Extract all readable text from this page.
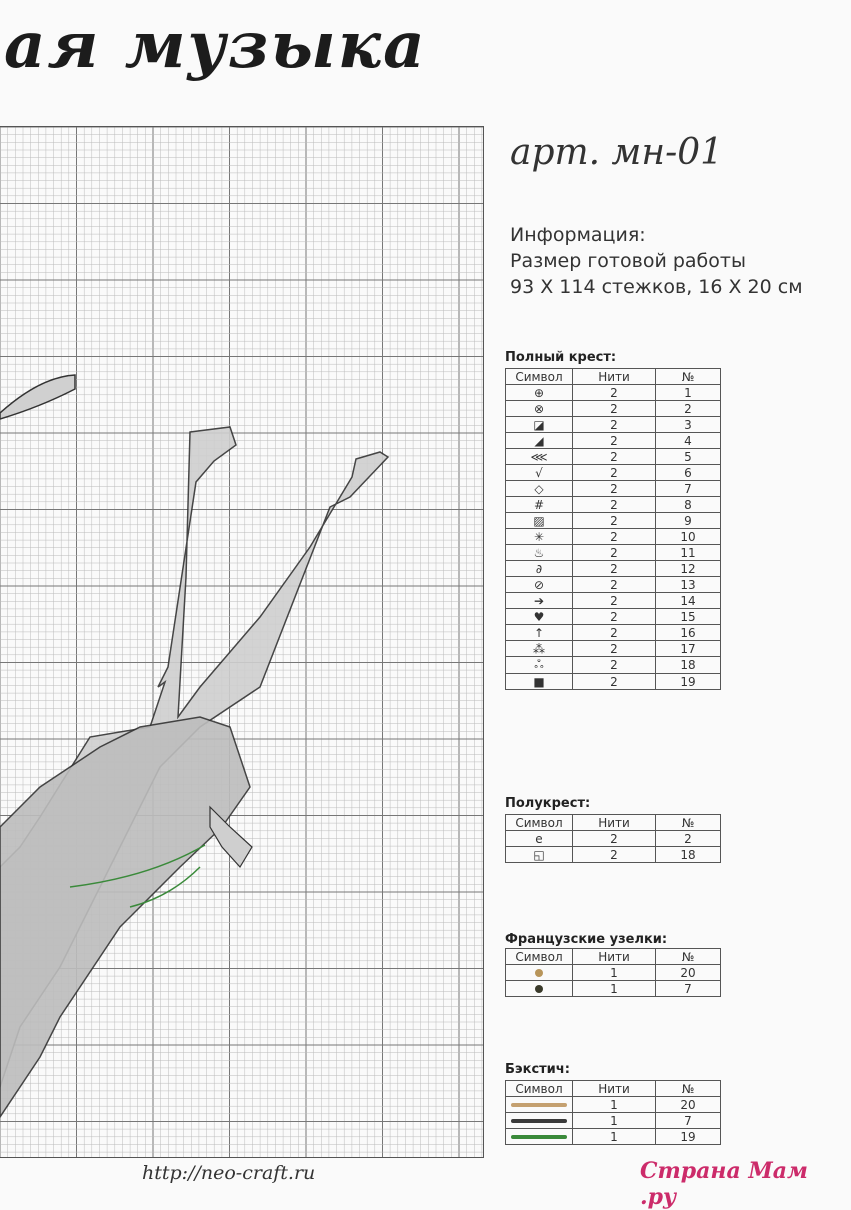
ая музыка
арт. мн-01
Информация:
Размер готовой работы
93 X 114 стежков, 16 X 20 см
Полный крест:
Символ	Нити	№
⊕	2	1
⊗	2	2
◪	2	3
◢	2	4
⋘	2	5
√	2	6
◇	2	7
#	2	8
▨	2	9
✳	2	10
♨	2	11
∂	2	12
⊘	2	13
➔	2	14
♥	2	15
↑	2	16
⁂	2	17
ஃ	2	18
■	2	19
Полукрест:
Символ	Нити	№
e	2	2
◱	2	18
Французские узелки:
Символ	Нити	№
	1	20
	1	7
Бэкстич:
Символ	Нити	№
	1	20
	1	7
	1	19
http://neo-craft.ru	Страна Мам .ру
